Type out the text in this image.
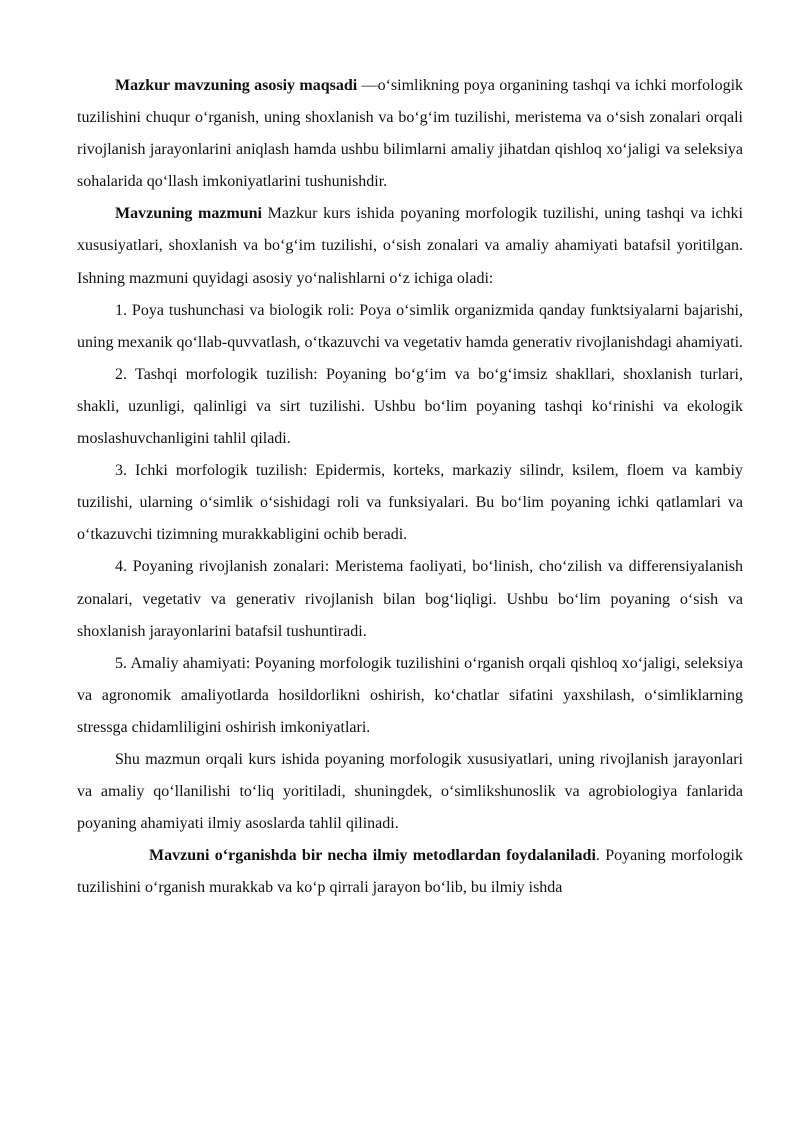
Mazkur mavzuning asosiy maqsadi —o‘simlikning poya organining tashqi va ichki morfologik tuzilishini chuqur o‘rganish, uning shoxlanish va bo‘g‘im tuzilishi, meristema va o‘sish zonalari orqali rivojlanish jarayonlarini aniqlash hamda ushbu bilimlarni amaliy jihatdan qishloq xo‘jaligi va seleksiya sohalarida qo‘llash imkoniyatlarini tushunishdir.

Mavzuning mazmuni Mazkur kurs ishida poyaning morfologik tuzilishi, uning tashqi va ichki xususiyatlari, shoxlanish va bo‘g‘im tuzilishi, o‘sish zonalari va amaliy ahamiyati batafsil yoritilgan. Ishning mazmuni quyidagi asosiy yo‘nalishlarni o‘z ichiga oladi:

1. Poya tushunchasi va biologik roli: Poya o‘simlik organizmida qanday funktsiyalarni bajarishi, uning mexanik qo‘llab-quvvatlash, o‘tkazuvchi va vegetativ hamda generativ rivojlanishdagi ahamiyati.

2. Tashqi morfologik tuzilish: Poyaning bo‘g‘im va bo‘g‘imsiz shakllari, shoxlanish turlari, shakli, uzunligi, qalinligi va sirt tuzilishi. Ushbu bo‘lim poyaning tashqi ko‘rinishi va ekologik moslashuvchanligini tahlil qiladi.

3. Ichki morfologik tuzilish: Epidermis, korteks, markaziy silindr, ksilem, floem va kambiy tuzilishi, ularning o‘simlik o‘sishidagi roli va funksiyalari. Bu bo‘lim poyaning ichki qatlamlari va o‘tkazuvchi tizimning murakkabligini ochib beradi.

4. Poyaning rivojlanish zonalari: Meristema faoliyati, bo‘linish, cho‘zilish va differensiyalanish zonalari, vegetativ va generativ rivojlanish bilan bog‘liqligi. Ushbu bo‘lim poyaning o‘sish va shoxlanish jarayonlarini batafsil tushuntiradi.

5. Amaliy ahamiyati: Poyaning morfologik tuzilishini o‘rganish orqali qishloq xo‘jaligi, seleksiya va agronomik amaliyotlarda hosildorlikni oshirish, ko‘chatlar sifatini yaxshilash, o‘simliklarning stressga chidamliligini oshirish imkoniyatlari.

Shu mazmun orqali kurs ishida poyaning morfologik xususiyatlari, uning rivojlanish jarayonlari va amaliy qo‘llanilishi to‘liq yoritiladi, shuningdek, o‘simlikshunoslik va agrobiologiya fanlarida poyaning ahamiyati ilmiy asoslarda tahlil qilinadi.

Mavzuni o‘rganishda bir necha ilmiy metodlardan foydalaniladi. Poyaning morfologik tuzilishini o‘rganish murakkab va ko‘p qirrali jarayon bo‘lib, bu ilmiy ishda
